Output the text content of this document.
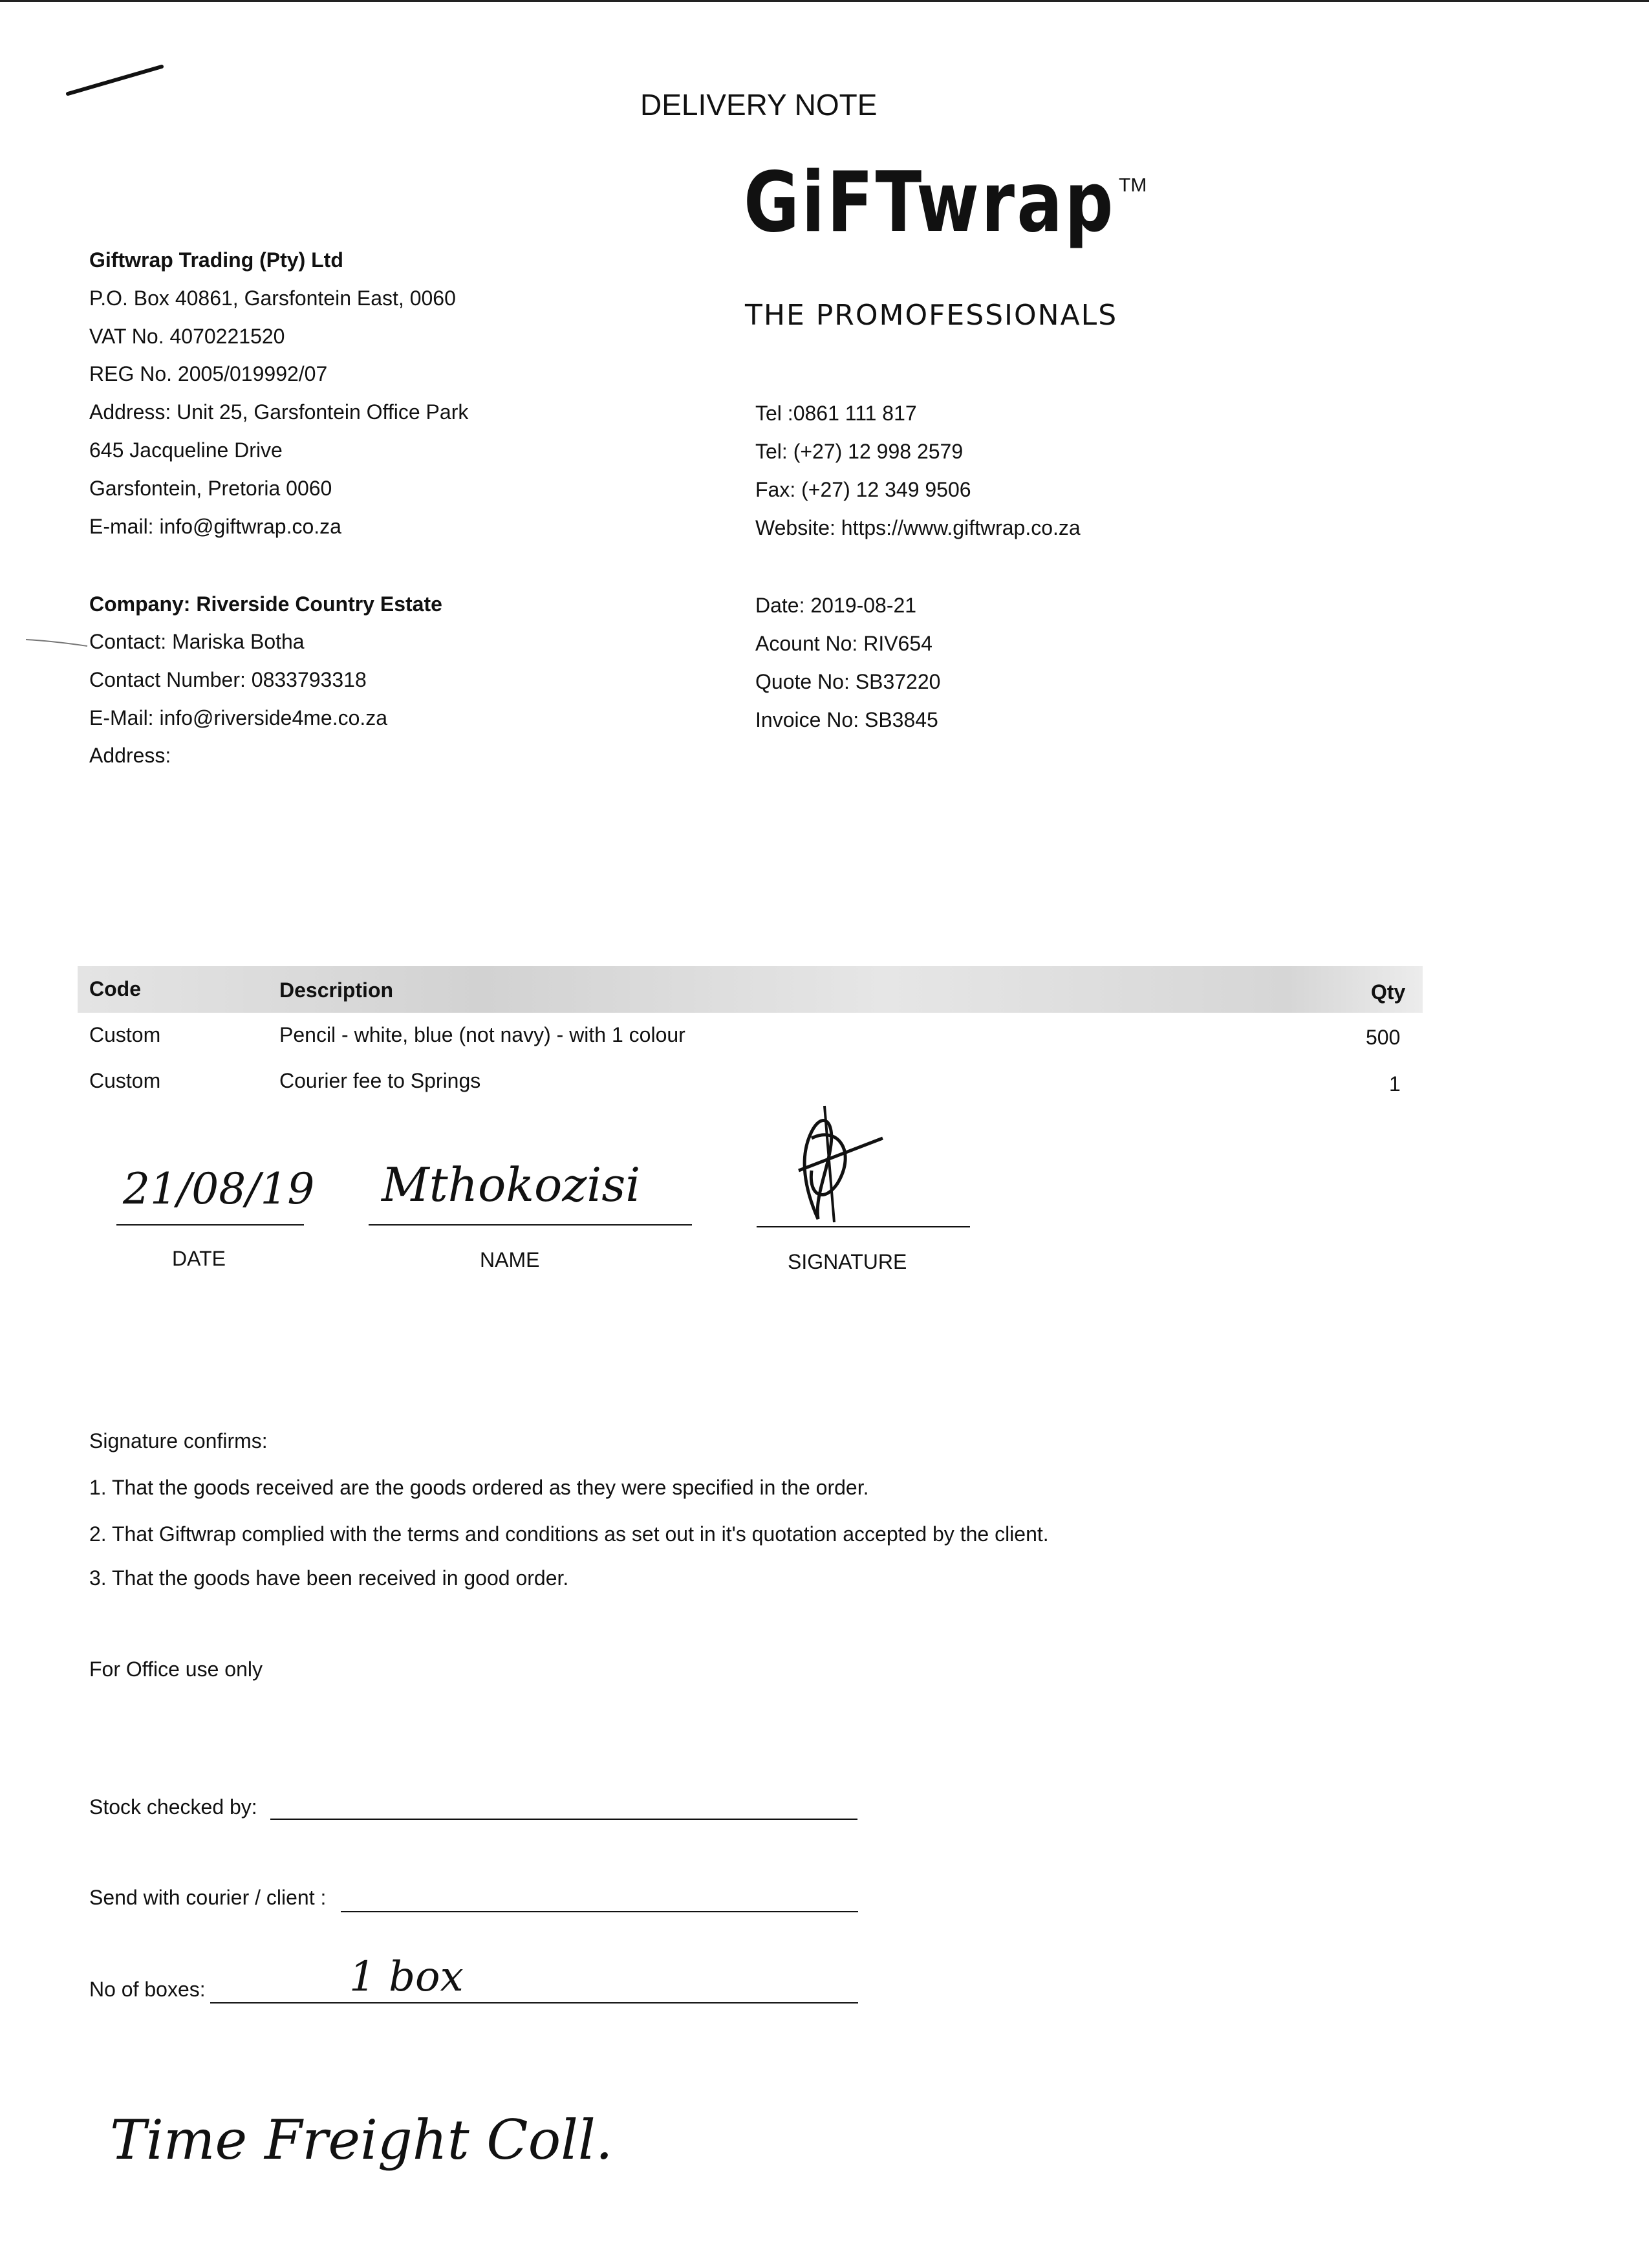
DELIVERY NOTE
GiFTwrap TM
THE PROMOFESSIONALS
Giftwrap Trading (Pty) Ltd
P.O. Box 40861, Garsfontein East, 0060
VAT No. 4070221520
REG No. 2005/019992/07
Address: Unit 25, Garsfontein Office Park
645 Jacqueline Drive
Garsfontein, Pretoria 0060
E-mail: info@giftwrap.co.za
Tel :0861 111 817
Tel: (+27) 12 998 2579
Fax: (+27) 12 349 9506
Website: https://www.giftwrap.co.za
Company: Riverside Country Estate
Contact: Mariska Botha
Contact Number: 0833793318
E-Mail: info@riverside4me.co.za
Address:
Date: 2019-08-21
Acount No: RIV654
Quote No: SB37220
Invoice No: SB3845
Code	Description	Qty
Custom	Pencil - white, blue (not navy) - with 1 colour	500
Custom	Courier fee to Springs	1
21/08/19
DATE
Mthokozisi
NAME	SIGNATURE
Signature confirms:
1. That the goods received are the goods ordered as they were specified in the order.
2. That Giftwrap complied with the terms and conditions as set out in it's quotation accepted by the client.
3. That the goods have been received in good order.
For Office use only
Stock checked by:
Send with courier / client :
No of boxes:	1 box
Time Freight Coll.
